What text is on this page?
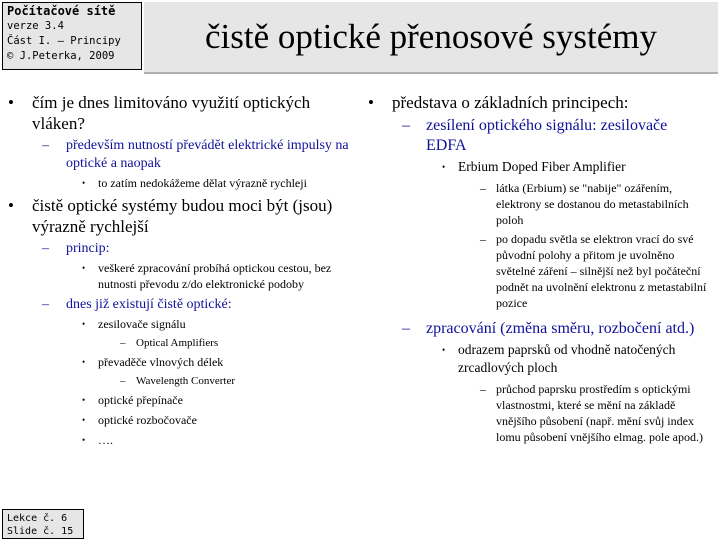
Počítačové sítě
verze 3.4
Část I. – Principy
© J.Peterka, 2009	čistě optické přenosové systémy
• čím je dnes limitováno využití optických vláken?
– především nutností převádět elektrické impulsy na optické a naopak
• to zatím nedokážeme dělat výrazně rychleji
• čistě optické systémy budou moci být (jsou) výrazně rychlejší
– princip:
• veškeré zpracování probíhá optickou cestou, bez nutnosti převodu z/do elektronické podoby
– dnes již existují čistě optické:
• zesilovače signálu
– Optical Amplifiers
• převaděče vlnových délek
– Wavelength Converter
• optické přepínače
• optické rozbočovače
• ….
• představa o základních principech:
– zesílení optického signálu: zesilovače
EDFA
• Erbium Doped Fiber Amplifier
– látka (Erbium) se "nabije" ozářením, elektrony se dostanou do metastabilních poloh
– po dopadu světla se elektron vrací do své původní polohy a přitom je uvolněno světelné záření – silnější než byl počáteční podnět na uvolnění elektronu z metastabilní pozice
– zpracování (změna směru, rozbočení atd.)
• odrazem paprsků od vhodně natočených zrcadlových ploch
– průchod paprsku prostředím s optickými vlastnostmi, které se mění na základě vnějšího působení (např. mění svůj index lomu působení vnějšího elmag. pole apod.)
Lekce č. 6
Slide č. 15
